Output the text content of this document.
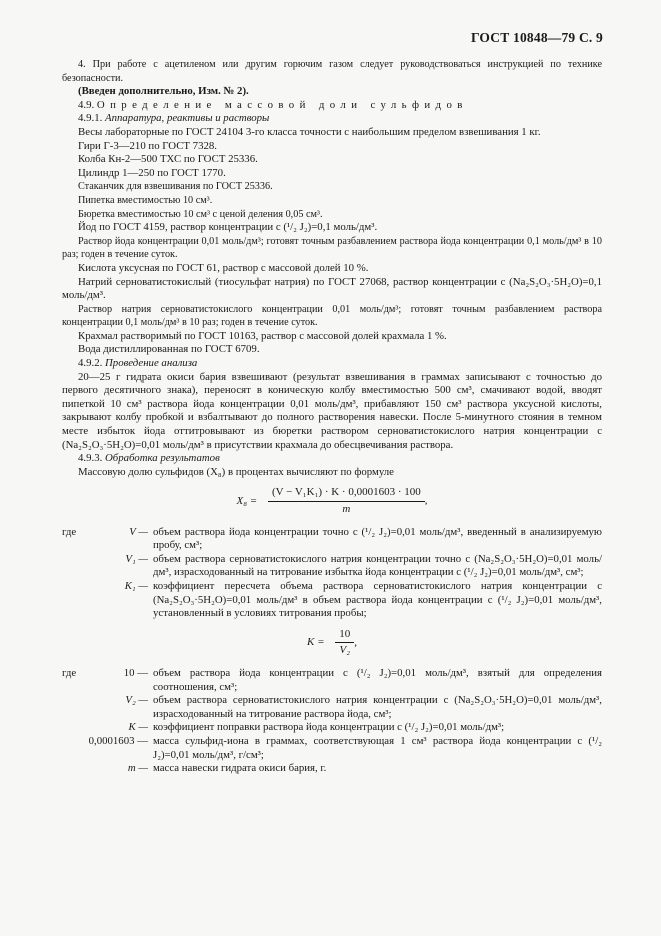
ГОСТ 10848—79 С. 9

4. При работе с ацетиленом или другим горючим газом следует руководствоваться инструкцией по технике безопасности.

(Введен дополнительно, Изм. № 2).

4.9. Определение массовой доли сульфидов

4.9.1. Аппаратура, реактивы и растворы

Весы лабораторные по ГОСТ 24104 3-го класса точности с наибольшим пределом взвешивания 1 кг.

Гири Г-3—210 по ГОСТ 7328.

Колба Кн-2—500 ТХС по ГОСТ 25336.

Цилиндр 1—250 по ГОСТ 1770.

Стаканчик для взвешивания по ГОСТ 25336.

Пипетка вместимостью 10 см³.

Бюретка вместимостью 10 см³ с ценой деления 0,05 см³.

Йод по ГОСТ 4159, раствор концентрации c (¹/₂ J₂)=0,1 моль/дм³.

Раствор йода концентрации 0,01 моль/дм³; готовят точным разбавлением раствора йода концентрации 0,1 моль/дм³ в 10 раз; годен в течение суток.

Кислота уксусная по ГОСТ 61, раствор с массовой долей 10 %.

Натрий серноватистокислый (тиосульфат натрия) по ГОСТ 27068, раствор концентрации c (Na₂S₂O₃·5H₂O)=0,1 моль/дм³.

Раствор натрия серноватистокислого концентрации 0,01 моль/дм³; готовят точным разбавлением раствора концентрации 0,1 моль/дм³ в 10 раз; годен в течение суток.

Крахмал растворимый по ГОСТ 10163, раствор с массовой долей крахмала 1 %.

Вода дистиллированная по ГОСТ 6709.

4.9.2. Проведение анализа

20—25 г гидрата окиси бария взвешивают (результат взвешивания в граммах записывают с точностью до первого десятичного знака), переносят в коническую колбу вместимостью 500 см³, смачивают водой, вводят пипеткой 10 см³ раствора йода концентрации 0,01 моль/дм³, прибавляют 150 см³ раствора уксусной кислоты, закрывают колбу пробкой и взбалтывают до полного растворения навески. После 5-минутного стояния в темном месте избыток йода оттитровывают из бюретки раствором серноватистокислого натрия концентрации c (Na₂S₂O₃·5H₂O)=0,01 моль/дм³ в присутствии крахмала до обесцвечивания раствора.

4.9.3. Обработка результатов

Массовую долю сульфидов (X₈) в процентах вычисляют по формуле

$X_8 = \frac{\text{(V − V₁K₁) · K · 0,0001603 · 100}}{m}$ ,
где	V —	объем раствора йода концентрации точно c (¹/₂ J₂)=0,01 моль/дм³, введенный в анализируемую пробу, см³;
	V₁ —	объем раствора серноватистокислого натрия концентрации точно c (Na₂S₂O₃·5H₂O)=0,01 моль/дм³, израсходованный на титрование избытка йода концентрации c (¹/₂ J₂)=0,01 моль/дм³, см³;
	K₁ —	коэффициент пересчета объема раствора серноватистокислого натрия концентрации c (Na₂S₂O₃·5H₂O)=0,01 моль/дм³ в объем раствора йода концентрации c (¹/₂ J₂)=0,01 моль/дм³, установленный в условиях титрования пробы;
$K = \frac{10}{\text{V₂}}$ ,
где	10 —	объем раствора йода концентрации c (¹/₂ J₂)=0,01 моль/дм³, взятый для определения соотношения, см³;
	V₂ —	объем раствора серноватистокислого натрия концентрации c (Na₂S₂O₃·5H₂O)=0,01 моль/дм³, израсходованный на титрование раствора йода, см³;
	K —	коэффициент поправки раствора йода концентрации c (¹/₂ J₂)=0,01 моль/дм³;
	0,0001603 —	масса сульфид-иона в граммах, соответствующая 1 см³ раствора йода концентрации c (¹/₂ J₂)=0,01 моль/дм³, г/см³;
	m —	масса навески гидрата окиси бария, г.
